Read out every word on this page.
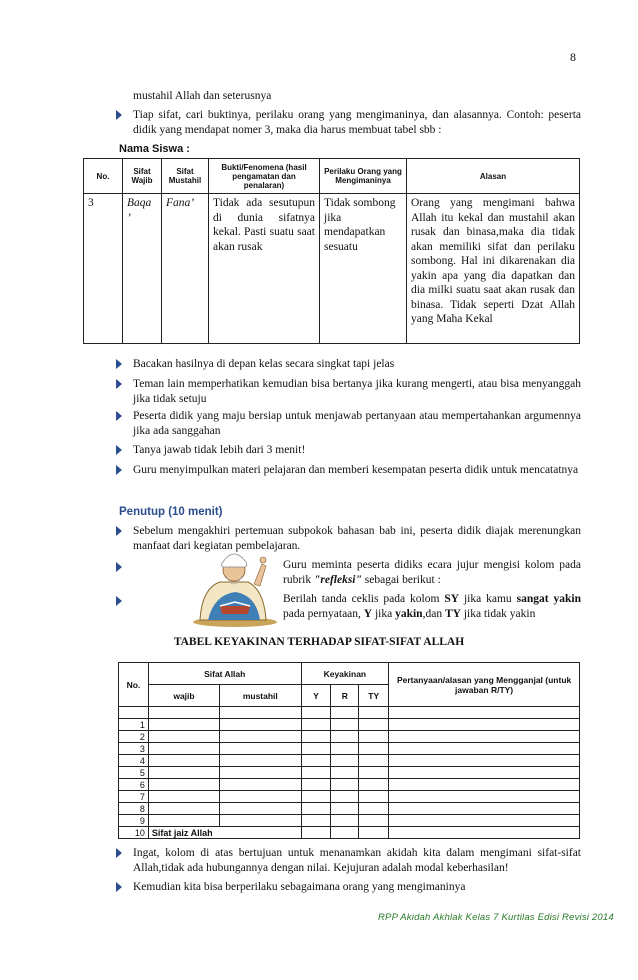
8
mustahil Allah dan seterusnya
Tiap sifat, cari buktinya, perilaku orang yang mengimaninya, dan alasannya. Contoh: peserta didik yang mendapat nomer 3, maka dia harus membuat tabel sbb :
Nama Siswa :
No.	Sifat Wajib	Sifat Mustahil	Bukti/Fenomena (hasil pengamatan dan penalaran)	Perilaku Orang yang Mengimaninya	Alasan
3	Baqa ’	Fana’	Tidak ada sesutupun di dunia sifatnya kekal. Pasti suatu saat akan rusak	Tidak sombong jika mendapatkan sesuatu	Orang yang mengimani bahwa Allah itu kekal dan mustahil akan rusak dan binasa,maka dia tidak akan memiliki sifat dan perilaku sombong. Hal ini dikarenakan dia yakin apa yang dia dapatkan dan dia milki suatu saat akan rusak dan binasa. Tidak seperti Dzat Allah yang Maha Kekal
Bacakan hasilnya di depan kelas secara singkat tapi jelas
Teman lain memperhatikan kemudian bisa bertanya jika kurang mengerti, atau bisa menyanggah jika tidak setuju
Peserta didik yang maju bersiap untuk menjawab pertanyaan atau mempertahankan argumennya jika ada sanggahan
Tanya jawab tidak lebih dari 3 menit!
Guru menyimpulkan materi pelajaran dan memberi kesempatan peserta didik untuk mencatatnya
Penutup (10 menit)
Sebelum mengakhiri pertemuan subpokok bahasan bab ini, peserta didik diajak merenungkan manfaat dari kegiatan pembelajaran.
Guru meminta peserta didiks ecara jujur mengisi kolom pada rubrik "refleksi" sebagai berikut :
Berilah tanda ceklis pada kolom SY jika kamu sangat yakin pada pernyataan, Y jika yakin,dan TY jika tidak yakin
TABEL KEYAKINAN TERHADAP SIFAT-SIFAT ALLAH
No.	Sifat Allah		Keyakinan			Pertanyaan/alasan yang Mengganjal (untuk jawaban R/TY)
	wajib	mustahil	Y	R	TY	

1						
2						
3						
4						
5						
6						
7						
8						
9						
10	Sifat jaiz Allah					
Ingat, kolom di atas bertujuan untuk menanamkan akidah kita dalam mengimani sifat-sifat Allah,tidak ada hubungannya dengan nilai. Kejujuran adalah modal keberhasilan!
Kemudian kita bisa berperilaku sebagaimana orang yang mengimaninya
RPP Akidah Akhlak Kelas 7 Kurtilas Edisi Revisi 2014
